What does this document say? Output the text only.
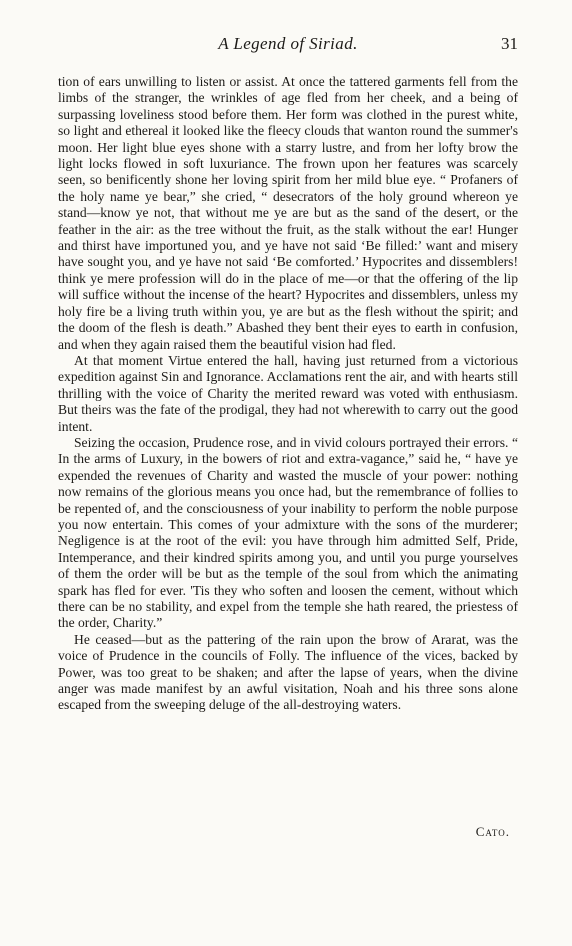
A Legend of Siriad.	31

tion of ears unwilling to listen or assist. At once the tattered garments fell from the limbs of the stranger, the wrinkles of age fled from her cheek, and a being of surpassing loveliness stood before them. Her form was clothed in the purest white, so light and ethereal it looked like the fleecy clouds that wanton round the summer's moon. Her light blue eyes shone with a starry lustre, and from her lofty brow the light locks flowed in soft luxuriance. The frown upon her features was scarcely seen, so benificently shone her loving spirit from her mild blue eye. “ Profaners of the holy name ye bear,” she cried, “ desecrators of the holy ground whereon ye stand—know ye not, that without me ye are but as the sand of the desert, or the feather in the air: as the tree without the fruit, as the stalk without the ear! Hunger and thirst have importuned you, and ye have not said ‘Be filled:’ want and misery have sought you, and ye have not said ‘Be comforted.’ Hypocrites and dissemblers! think ye mere profession will do in the place of me—or that the offering of the lip will suffice without the incense of the heart? Hypocrites and dissemblers, unless my holy fire be a living truth within you, ye are but as the flesh without the spirit; and the doom of the flesh is death.” Abashed they bent their eyes to earth in confusion, and when they again raised them the beautiful vision had fled.

At that moment Virtue entered the hall, having just returned from a victorious expedition against Sin and Ignorance. Acclamations rent the air, and with hearts still thrilling with the voice of Charity the merited reward was voted with enthusiasm. But theirs was the fate of the prodigal, they had not wherewith to carry out the good intent.

Seizing the occasion, Prudence rose, and in vivid colours portrayed their errors. “ In the arms of Luxury, in the bowers of riot and extra-vagance,” said he, “ have ye expended the revenues of Charity and wasted the muscle of your power: nothing now remains of the glorious means you once had, but the remembrance of follies to be repented of, and the consciousness of your inability to perform the noble purpose you now entertain. This comes of your admixture with the sons of the murderer; Negligence is at the root of the evil: you have through him admitted Self, Pride, Intemperance, and their kindred spirits among you, and until you purge yourselves of them the order will be but as the temple of the soul from which the animating spark has fled for ever. 'Tis they who soften and loosen the cement, without which there can be no stability, and expel from the temple she hath reared, the priestess of the order, Charity.”

He ceased—but as the pattering of the rain upon the brow of Ararat, was the voice of Prudence in the councils of Folly. The influence of the vices, backed by Power, was too great to be shaken; and after the lapse of years, when the divine anger was made manifest by an awful visitation, Noah and his three sons alone escaped from the sweeping deluge of the all-destroying waters.

Cato.
